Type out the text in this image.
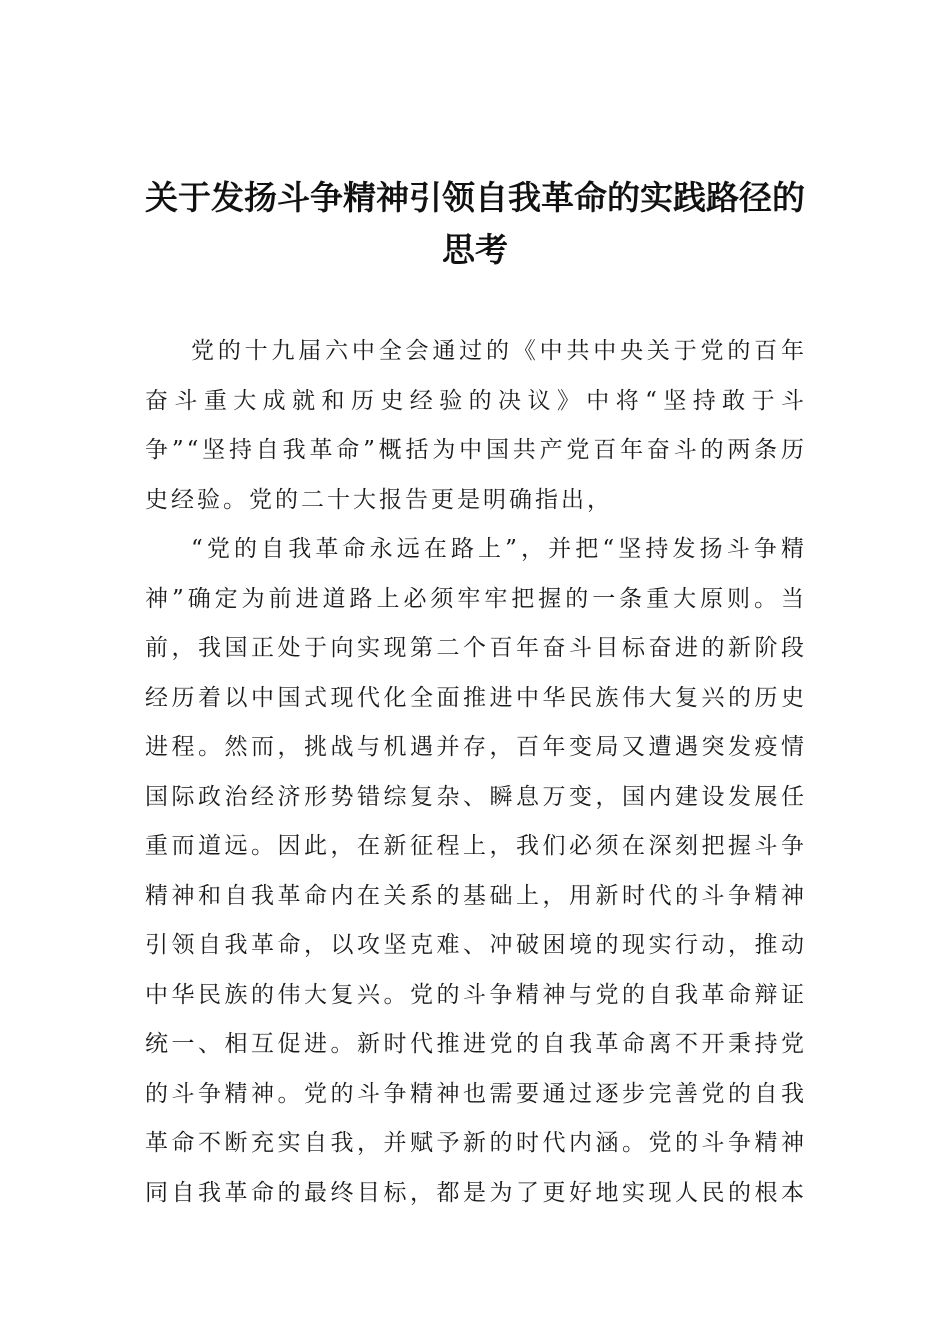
关于发扬斗争精神引领自我革命的实践路径的思考

党的十九届六中全会通过的《中共中央关于党的百年奋斗重大成就和历史经验的决议》中将“坚持敢于斗争”“坚持自我革命”概括为中国共产党百年奋斗的两条历史经验。党的二十大报告更是明确指出，

“党的自我革命永远在路上”，并把“坚持发扬斗争精神”确定为前进道路上必须牢牢把握的一条重大原则。当前，我国正处于向实现第二个百年奋斗目标奋进的新阶段经历着以中国式现代化全面推进中华民族伟大复兴的历史进程。然而，挑战与机遇并存，百年变局又遭遇突发疫情国际政治经济形势错综复杂、瞬息万变，国内建设发展任重而道远。因此，在新征程上，我们必须在深刻把握斗争精神和自我革命内在关系的基础上，用新时代的斗争精神引领自我革命，以攻坚克难、冲破困境的现实行动，推动中华民族的伟大复兴。党的斗争精神与党的自我革命辩证统一、相互促进。新时代推进党的自我革命离不开秉持党的斗争精神。党的斗争精神也需要通过逐步完善党的自我革命不断充实自我，并赋予新的时代内涵。党的斗争精神同自我革命的最终目标，都是为了更好地实现人民的根本
